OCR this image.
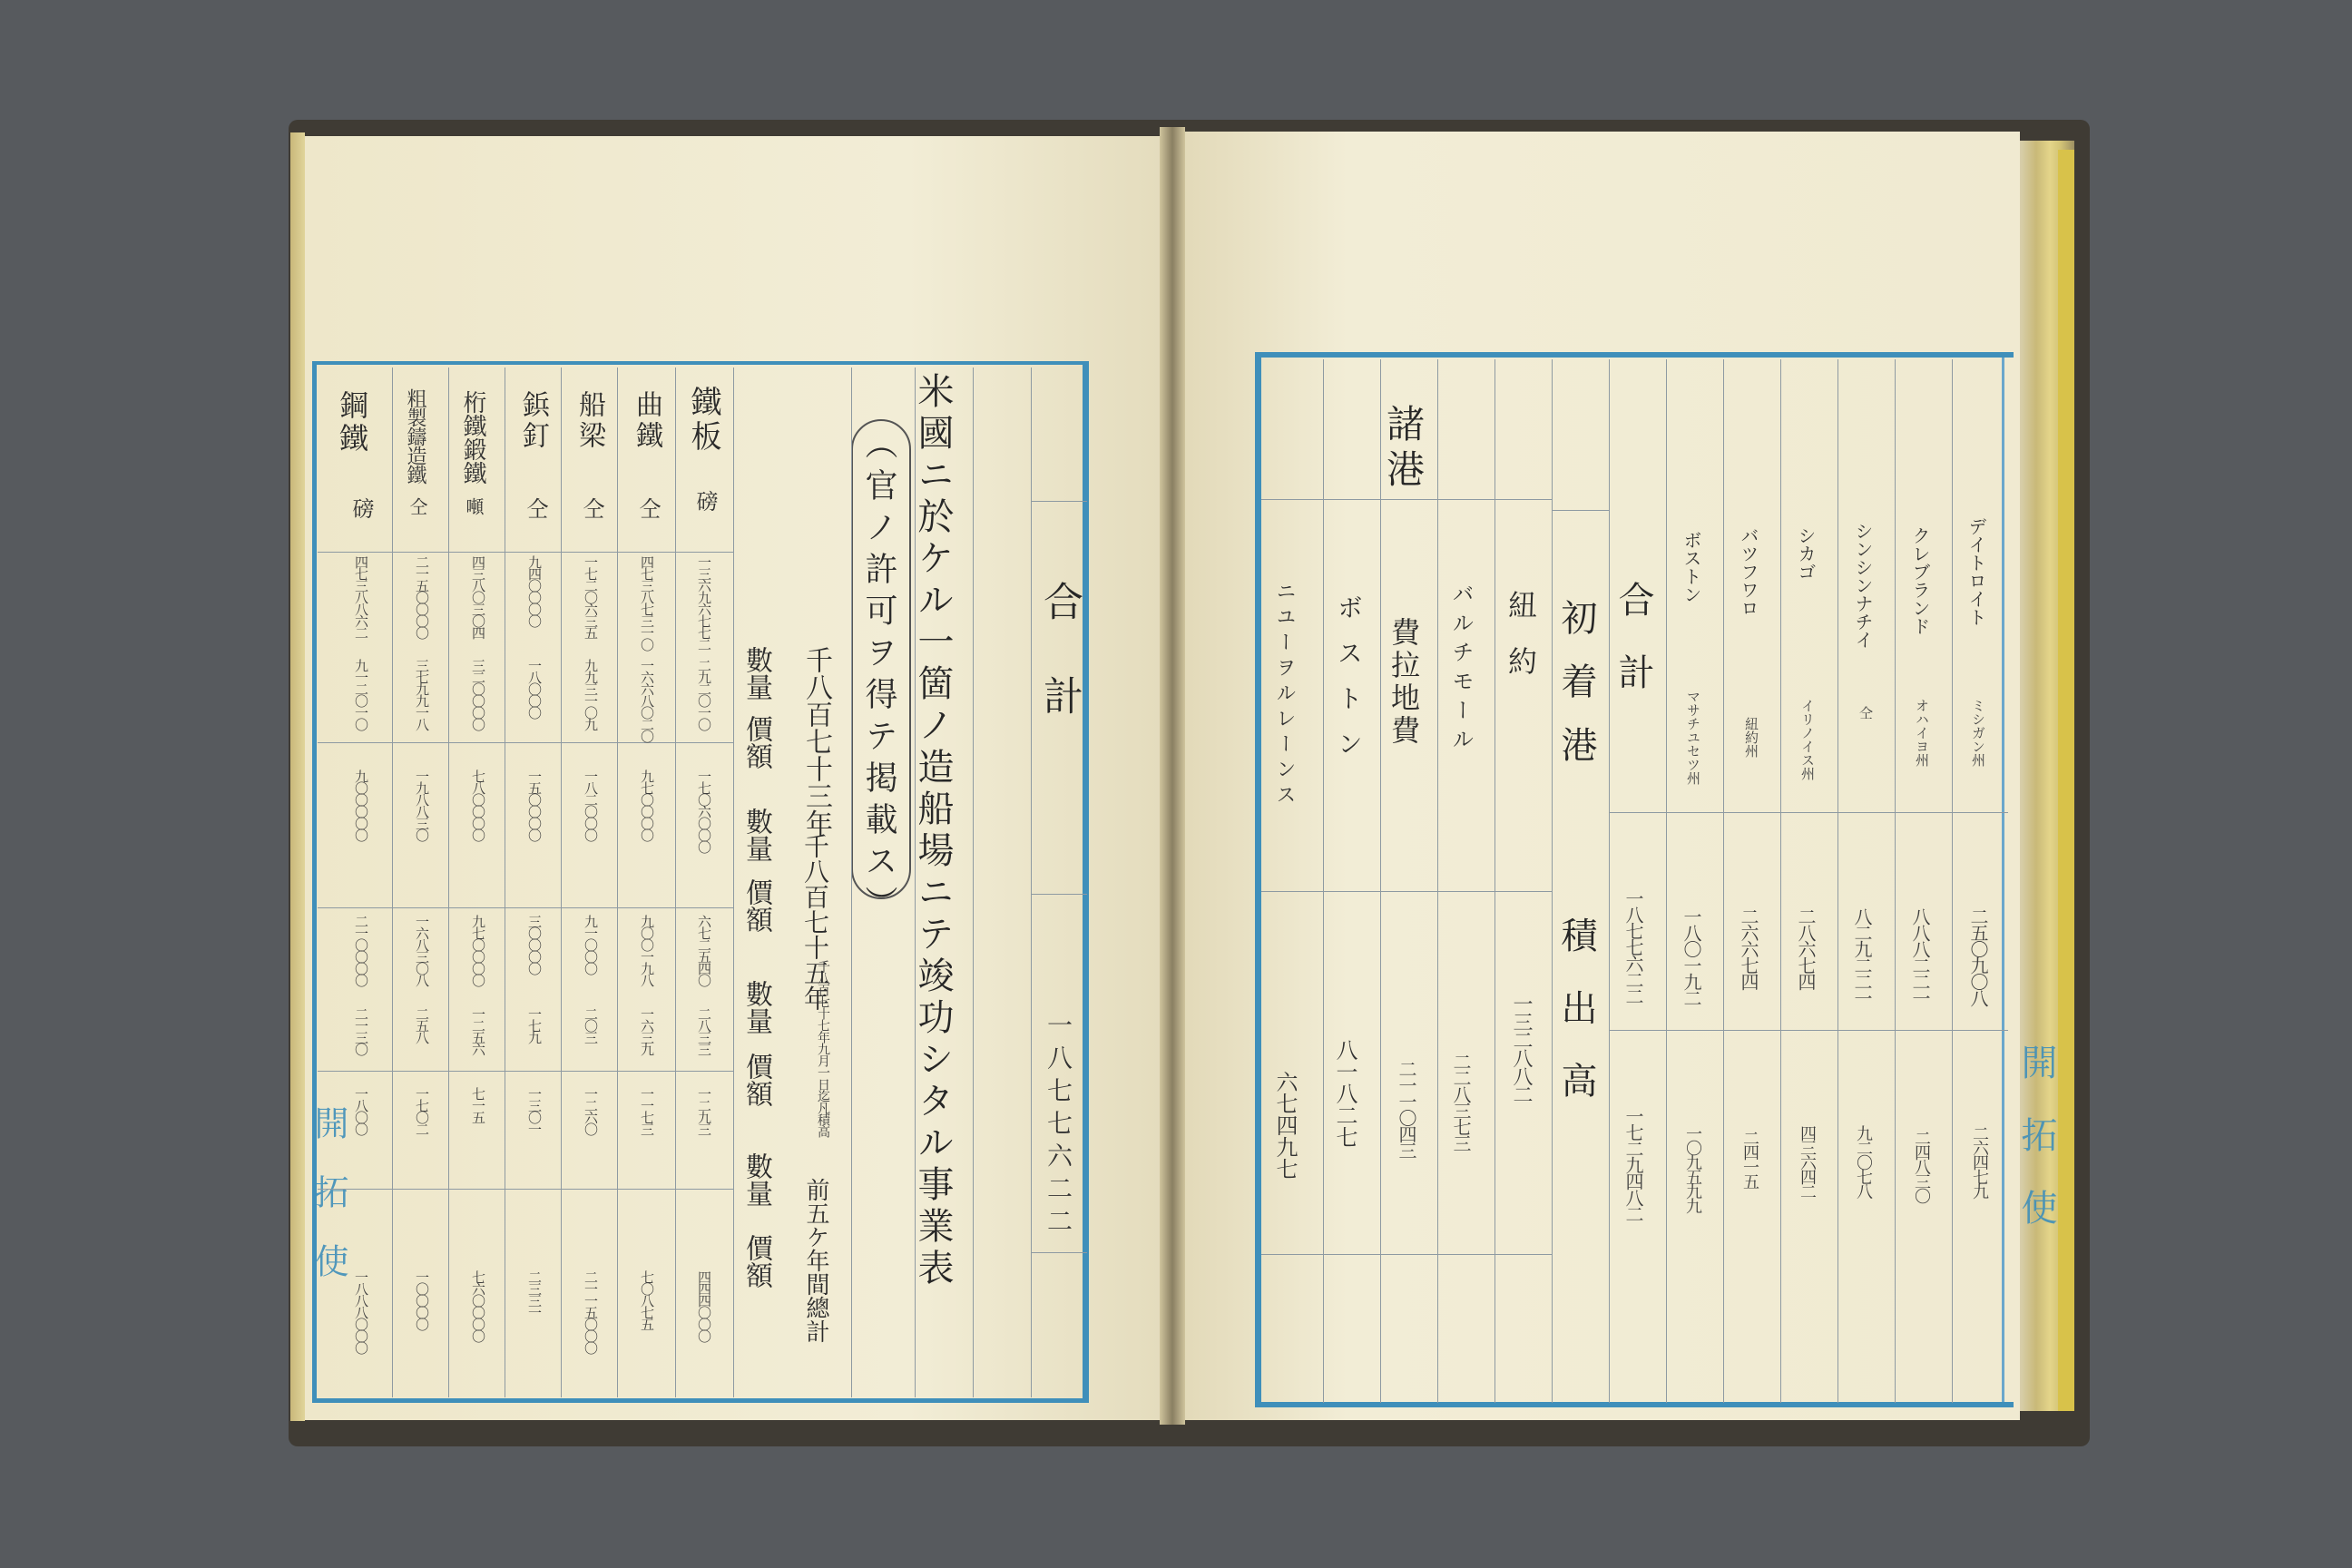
開拓使
合計
一八七七六二二
米國ニ於ケル一箇ノ造船場ニテ竣功シタル事業表
（官ノ許可ヲ得テ掲載ス）
千八百七十三年
千八百七十五年
千八百七十七年九月一日迄凡積高
前五ケ年間總計
數量
價額
數量
價額
數量
價額
數量
價額
鐵板
磅
曲鐵
仝
船梁
仝
鋲釘
仝
桁鐵鍛鐵
噸
粗製鑄造鐵
仝
鋼鐵
磅
一三六九六七七二
四七三八七三一〇
一七二〇六三五
九四〇〇〇〇
四三八〇三〇四
二一五〇〇〇〇
四七三八八六二
二九二〇一〇
一六六八〇二〇
九九三一〇九
一八〇〇〇
三二〇〇〇〇
三七九九一八
九一二〇一〇
一七〇六〇〇〇
九七〇〇〇〇
一八二〇〇〇
一五〇〇〇〇
七八〇〇〇〇
一九八八三〇
九〇〇〇〇〇
六七二五四〇
九〇〇一九八
九一〇〇〇
三〇〇〇〇
九七〇〇〇〇
一六八三〇八
二一〇〇〇〇
二八三三
一六三九
二〇三
一七九
一二五六
二五八
二一三〇
一二九三
一一七三
一二六〇
一三〇一
七一五
一七〇二
一八〇〇
四四四〇〇〇
七〇八七五
二一一五〇〇〇
二三三一
七六〇〇〇〇
一〇〇〇〇
一八八八〇〇〇
開拓使
デイトロイト
ミシガン州
二五〇九〇八
二六四七九
クレブランド
オハイヨ州
八八八二二一
二四八三〇
シンシンナチイ
仝
八二九二二一
九二〇七八
シカゴ
イリノイス州
二八六七四
四三六四二
バツフワロ
紐約州
二六六七四
二四一五
ボストン
マサチユセツ州
一八〇一九二
一〇九五九九
合計
一八七七六二二
一七二九四八二
初着港
積出高
諸港
紐約
一三二八八二
バルチモール
二二八三七三
費拉地費
二一一〇四三
ボストン
八一八二七
ニユーヲルレーンス
六七四九七
